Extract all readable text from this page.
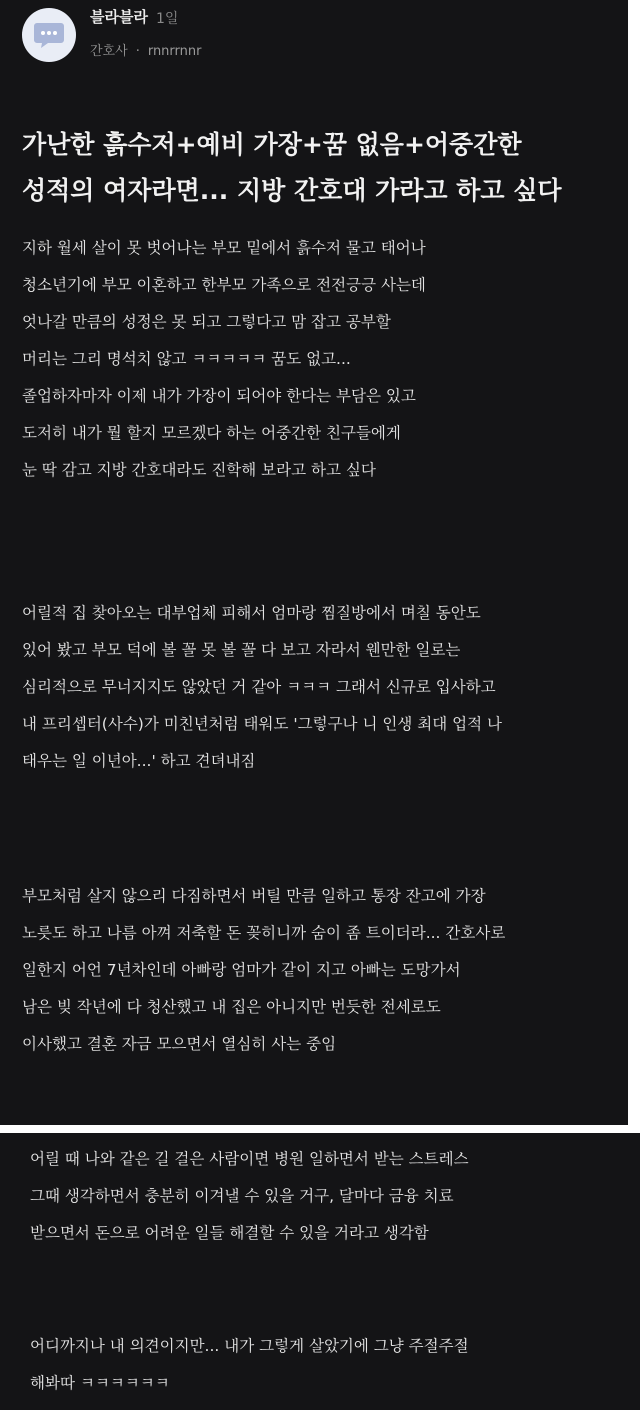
블라블라 1일
간호사 · rnnrrnnr
가난한 흙수저+예비 가장+꿈 없음+어중간한
성적의 여자라면... 지방 간호대 가라고 하고 싶다
지하 월세 살이 못 벗어나는 부모 밑에서 흙수저 물고 태어나
청소년기에 부모 이혼하고 한부모 가족으로 전전긍긍 사는데
엇나갈 만큼의 성정은 못 되고 그렇다고 맘 잡고 공부할
머리는 그리 명석치 않고 ㅋㅋㅋㅋㅋ 꿈도 없고...
졸업하자마자 이제 내가 가장이 되어야 한다는 부담은 있고
도저히 내가 뭘 할지 모르겠다 하는 어중간한 친구들에게
눈 딱 감고 지방 간호대라도 진학해 보라고 하고 싶다
어릴적 집 찾아오는 대부업체 피해서 엄마랑 찜질방에서 며칠 동안도
있어 봤고 부모 덕에 볼 꼴 못 볼 꼴 다 보고 자라서 웬만한 일로는
심리적으로 무너지지도 않았던 거 같아 ㅋㅋㅋ 그래서 신규로 입사하고
내 프리셉터(사수)가 미친년처럼 태워도 '그렇구나 니 인생 최대 업적 나
태우는 일 이년아...' 하고 견뎌내짐
부모처럼 살지 않으리 다짐하면서 버틸 만큼 일하고 통장 잔고에 가장
노릇도 하고 나름 아껴 저축할 돈 꽂히니까 숨이 좀 트이더라... 간호사로
일한지 어언 7년차인데 아빠랑 엄마가 같이 지고 아빠는 도망가서
남은 빚 작년에 다 청산했고 내 집은 아니지만 번듯한 전세로도
이사했고 결혼 자금 모으면서 열심히 사는 중임
어릴 때 나와 같은 길 걸은 사람이면 병원 일하면서 받는 스트레스
그때 생각하면서 충분히 이겨낼 수 있을 거구, 달마다 금융 치료
받으면서 돈으로 어려운 일들 해결할 수 있을 거라고 생각함
어디까지나 내 의견이지만... 내가 그렇게 살았기에 그냥 주절주절
해봐따 ㅋㅋㅋㅋㅋㅋ
